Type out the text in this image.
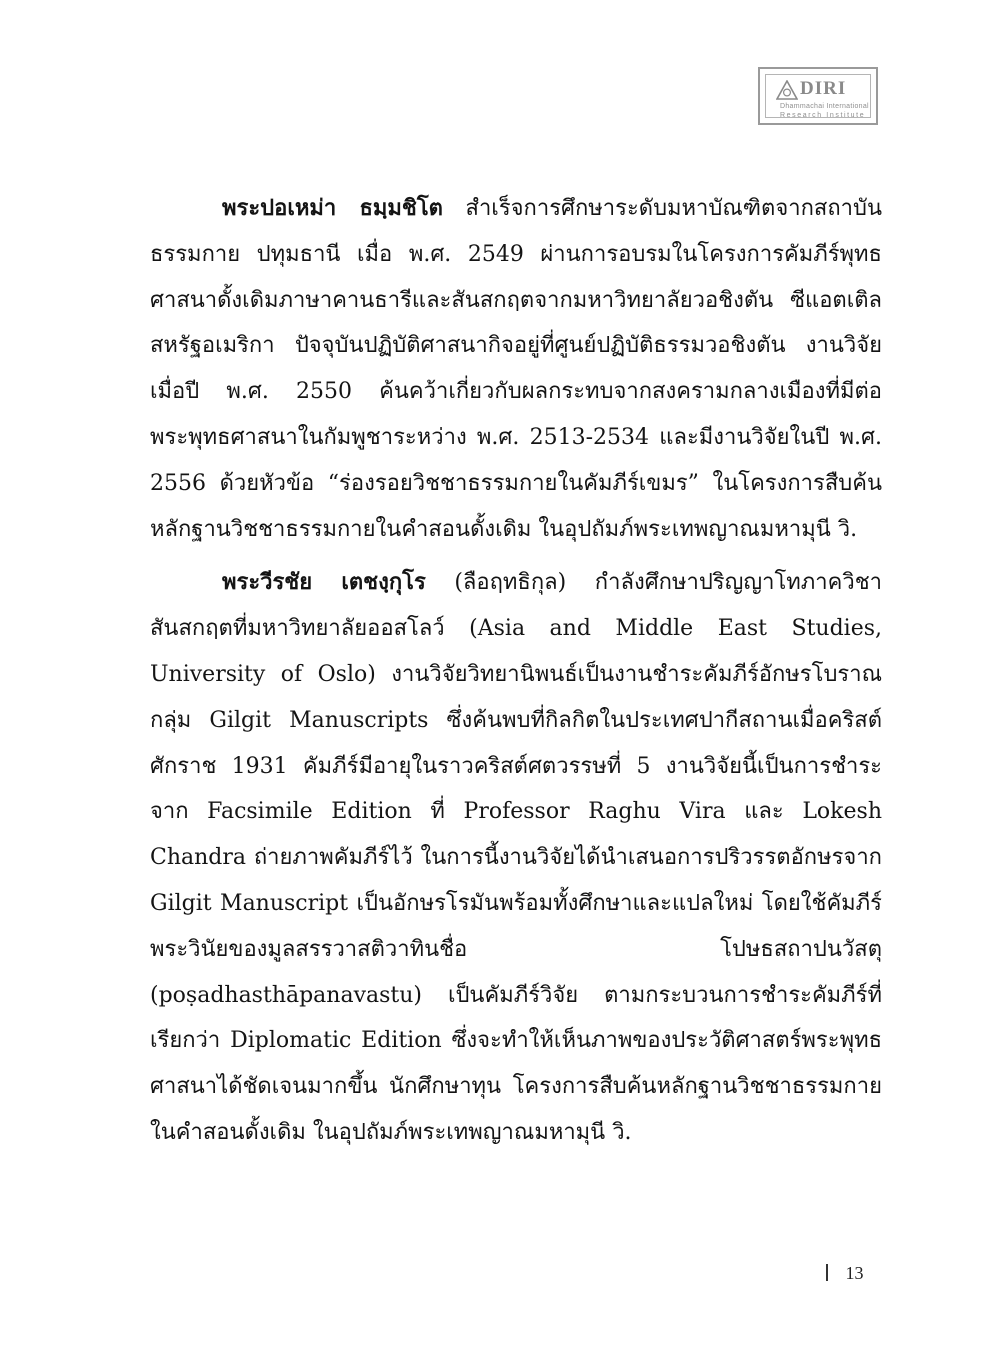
DIRI
Dhammachai International
Research Institute

พระปอเหม่า ธมฺมชิโต สำเร็จการศึกษาระดับมหาบัณฑิตจากสถาบันธรรมกาย ปทุมธานี เมื่อ พ.ศ. 2549 ผ่านการอบรมในโครงการคัมภีร์พุทธศาสนาดั้งเดิมภาษาคานธารีและสันสกฤตจากมหาวิทยาลัยวอชิงตัน ซีแอตเติล สหรัฐอเมริกา ปัจจุบันปฏิบัติศาสนากิจอยู่ที่ศูนย์ปฏิบัติธรรมวอชิงตัน งานวิจัยเมื่อปี พ.ศ. 2550 ค้นคว้าเกี่ยวกับผลกระทบจากสงครามกลางเมืองที่มีต่อพระพุทธศาสนาในกัมพูชาระหว่าง พ.ศ. 2513-2534 และมีงานวิจัยในปี พ.ศ. 2556 ด้วยหัวข้อ “ร่องรอยวิชชาธรรมกายในคัมภีร์เขมร” ในโครงการสืบค้นหลักฐานวิชชาธรรมกายในคำสอนดั้งเดิม ในอุปถัมภ์พระเทพญาณมหามุนี วิ.

พระวีรชัย เตชงฺกุโร (ลือฤทธิกุล) กำลังศึกษาปริญญาโทภาควิชาสันสกฤตที่มหาวิทยาลัยออสโลว์ (Asia and Middle East Studies, University of Oslo) งานวิจัยวิทยานิพนธ์เป็นงานชำระคัมภีร์อักษรโบราณกลุ่ม Gilgit Manuscripts ซึ่งค้นพบที่กิลกิตในประเทศปากีสถานเมื่อคริสต์ศักราช 1931 คัมภีร์มีอายุในราวคริสต์ศตวรรษที่ 5 งานวิจัยนี้เป็นการชำระจาก Facsimile Edition ที่ Professor Raghu Vira และ Lokesh Chandra ถ่ายภาพคัมภีร์ไว้ ในการนี้งานวิจัยได้นำเสนอการปริวรรตอักษรจาก Gilgit Manuscript เป็นอักษรโรมันพร้อมทั้งศึกษาและแปลใหม่ โดยใช้คัมภีร์พระวินัยของมูลสรรวาสติวาทินชื่อ โปษธสถาปนวัสตุ (poṣadhasthāpanavastu) เป็นคัมภีร์วิจัย ตามกระบวนการชำระคัมภีร์ที่เรียกว่า Diplomatic Edition ซึ่งจะทำให้เห็นภาพของประวัติศาสตร์พระพุทธศาสนาได้ชัดเจนมากขึ้น นักศึกษาทุน โครงการสืบค้นหลักฐานวิชชาธรรมกายในคำสอนดั้งเดิม ในอุปถัมภ์พระเทพญาณมหามุนี วิ.

13
